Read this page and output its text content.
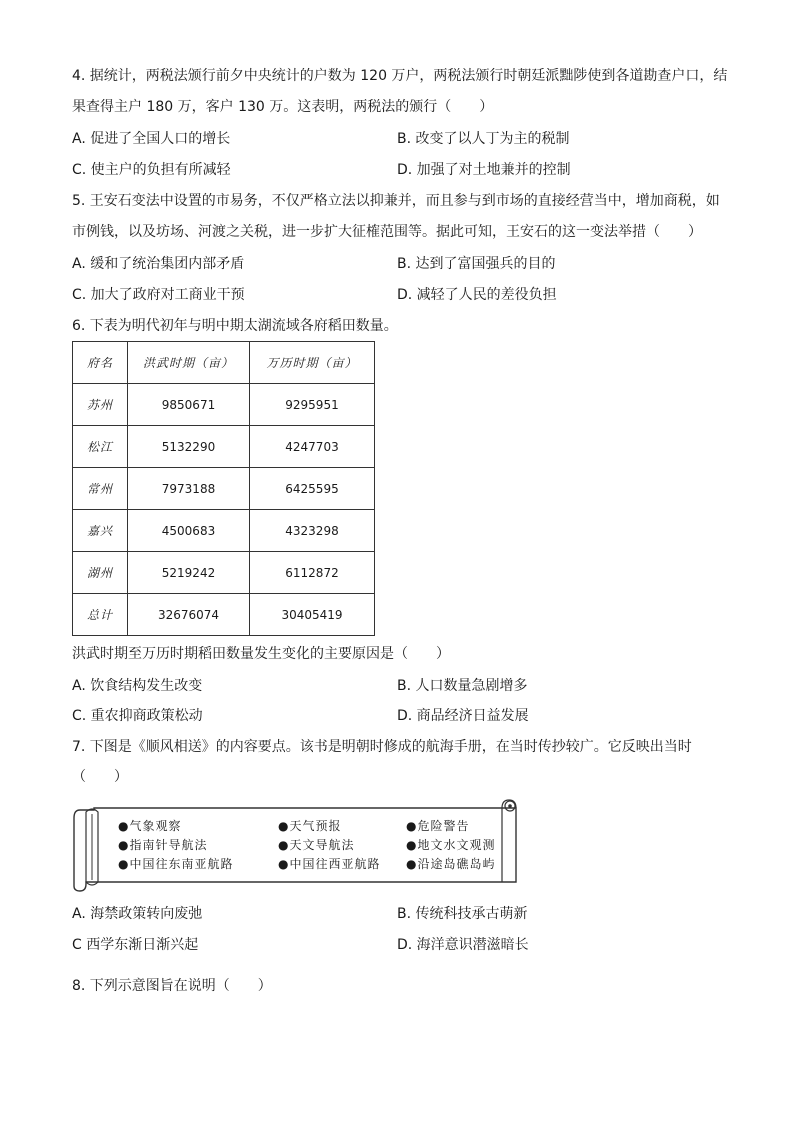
4. 据统计，两税法颁行前夕中央统计的户数为 120 万户，两税法颁行时朝廷派黜陟使到各道勘查户口，结
果查得主户 180 万，客户 130 万。这表明，两税法的颁行（　　）
A. 促进了全国人口的增长	B. 改变了以人丁为主的税制
C. 使主户的负担有所减轻	D. 加强了对土地兼并的控制
5. 王安石变法中设置的市易务，不仅严格立法以抑兼并，而且参与到市场的直接经营当中，增加商税，如
市例钱，以及坊场、河渡之关税，进一步扩大征榷范围等。据此可知，王安石的这一变法举措（　　）
A. 缓和了统治集团内部矛盾	B. 达到了富国强兵的目的
C. 加大了政府对工商业干预	D. 减轻了人民的差役负担
6. 下表为明代初年与明中期太湖流域各府稻田数量。
府名	洪武时期（亩）	万历时期（亩）
苏州	9850671	9295951
松江	5132290	4247703
常州	7973188	6425595
嘉兴	4500683	4323298
湖州	5219242	6112872
总计	32676074	30405419
洪武时期至万历时期稻田数量发生变化的主要原因是（　　）
A. 饮食结构发生改变	B. 人口数量急剧增多
C. 重农抑商政策松动	D. 商品经济日益发展
7. 下图是《顺风相送》的内容要点。该书是明朝时修成的航海手册，在当时传抄较广。它反映出当时
（　　）
●气象观察	●天气预报	●危险警告
●指南针导航法	●天文导航法	●地文水文观测
●中国往东南亚航路	●中国往西亚航路 ●沿途岛礁岛屿
A. 海禁政策转向废弛	B. 传统科技承古萌新
C 西学东渐日渐兴起	D. 海洋意识潜滋暗长
8. 下列示意图旨在说明（　　）
